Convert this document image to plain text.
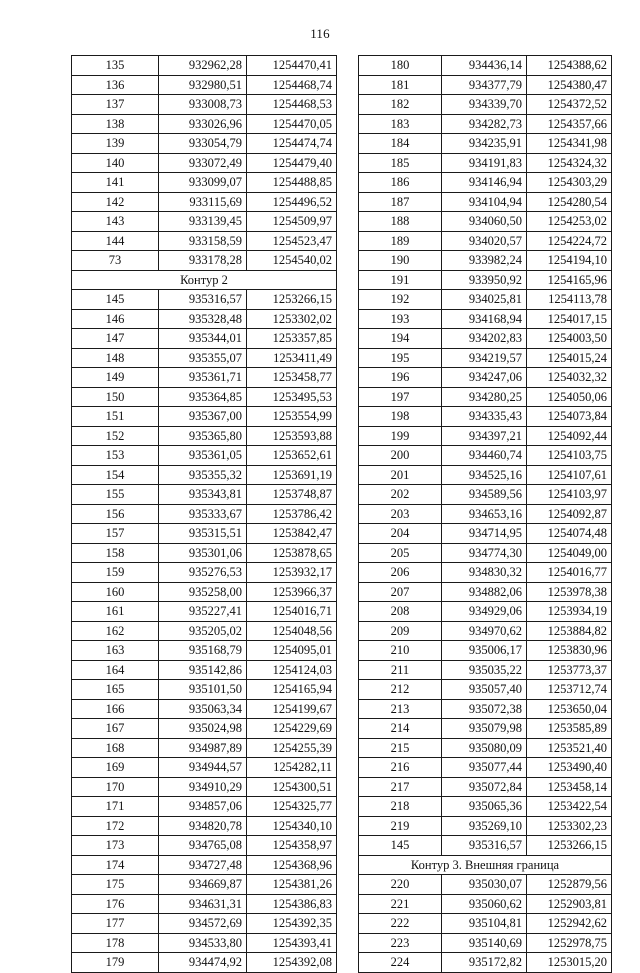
116
135	932962,28	1254470,41
136	932980,51	1254468,74
137	933008,73	1254468,53
138	933026,96	1254470,05
139	933054,79	1254474,74
140	933072,49	1254479,40
141	933099,07	1254488,85
142	933115,69	1254496,52
143	933139,45	1254509,97
144	933158,59	1254523,47
73	933178,28	1254540,02
Контур 2		
145	935316,57	1253266,15
146	935328,48	1253302,02
147	935344,01	1253357,85
148	935355,07	1253411,49
149	935361,71	1253458,77
150	935364,85	1253495,53
151	935367,00	1253554,99
152	935365,80	1253593,88
153	935361,05	1253652,61
154	935355,32	1253691,19
155	935343,81	1253748,87
156	935333,67	1253786,42
157	935315,51	1253842,47
158	935301,06	1253878,65
159	935276,53	1253932,17
160	935258,00	1253966,37
161	935227,41	1254016,71
162	935205,02	1254048,56
163	935168,79	1254095,01
164	935142,86	1254124,03
165	935101,50	1254165,94
166	935063,34	1254199,67
167	935024,98	1254229,69
168	934987,89	1254255,39
169	934944,57	1254282,11
170	934910,29	1254300,51
171	934857,06	1254325,77
172	934820,78	1254340,10
173	934765,08	1254358,97
174	934727,48	1254368,96
175	934669,87	1254381,26
176	934631,31	1254386,83
177	934572,69	1254392,35
178	934533,80	1254393,41
179	934474,92	1254392,08
180	934436,14	1254388,62
181	934377,79	1254380,47
182	934339,70	1254372,52
183	934282,73	1254357,66
184	934235,91	1254341,98
185	934191,83	1254324,32
186	934146,94	1254303,29
187	934104,94	1254280,54
188	934060,50	1254253,02
189	934020,57	1254224,72
190	933982,24	1254194,10
191	933950,92	1254165,96
192	934025,81	1254113,78
193	934168,94	1254017,15
194	934202,83	1254003,50
195	934219,57	1254015,24
196	934247,06	1254032,32
197	934280,25	1254050,06
198	934335,43	1254073,84
199	934397,21	1254092,44
200	934460,74	1254103,75
201	934525,16	1254107,61
202	934589,56	1254103,97
203	934653,16	1254092,87
204	934714,95	1254074,48
205	934774,30	1254049,00
206	934830,32	1254016,77
207	934882,06	1253978,38
208	934929,06	1253934,19
209	934970,62	1253884,82
210	935006,17	1253830,96
211	935035,22	1253773,37
212	935057,40	1253712,74
213	935072,38	1253650,04
214	935079,98	1253585,89
215	935080,09	1253521,40
216	935077,44	1253490,40
217	935072,84	1253458,14
218	935065,36	1253422,54
219	935269,10	1253302,23
145	935316,57	1253266,15
Контур 3. Внешняя граница		
220	935030,07	1252879,56
221	935060,62	1252903,81
222	935104,81	1252942,62
223	935140,69	1252978,75
224	935172,82	1253015,20
